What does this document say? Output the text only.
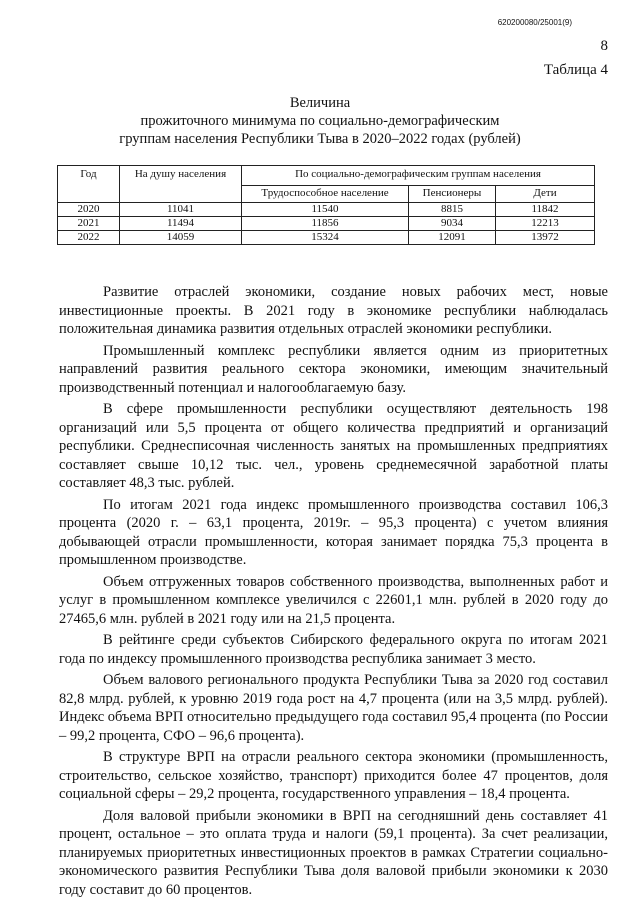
620200080/25001(9)
8
Таблица 4
Величина
прожиточного минимума по социально-демографическим
группам населения Республики Тыва в 2020–2022 годах (рублей)
Год	На душу населения	По социально-демографическим группам населения		
		Трудоспособное население	Пенсионеры	Дети
2020	11041	11540	8815	11842
2021	11494	11856	9034	12213
2022	14059	15324	12091	13972

Развитие отраслей экономики, создание новых рабочих мест, новые инвестиционные проекты. В 2021 году в экономике республики наблюдалась положительная динамика развития отдельных отраслей экономики республики.

Промышленный комплекс республики является одним из приоритетных направлений развития реального сектора экономики, имеющим значительный производственный потенциал и налогооблагаемую базу.

В сфере промышленности республики осуществляют деятельность 198 организаций или 5,5 процента от общего количества предприятий и организаций республики. Среднесписочная численность занятых на промышленных предприятиях составляет свыше 10,12 тыс. чел., уровень среднемесячной заработной платы составляет 48,3 тыс. рублей.

По итогам 2021 года индекс промышленного производства составил 106,3 процента (2020 г. – 63,1 процента, 2019г. – 95,3 процента) с учетом влияния добывающей отрасли промышленности, которая занимает порядка 75,3 процента в промышленном производстве.

Объем отгруженных товаров собственного производства, выполненных работ и услуг в промышленном комплексе увеличился с 22601,1 млн. рублей в 2020 году до 27465,6 млн. рублей в 2021 году или на 21,5 процента.

В рейтинге среди субъектов Сибирского федерального округа по итогам 2021 года по индексу промышленного производства республика занимает 3 место.

Объем валового регионального продукта Республики Тыва за 2020 год составил 82,8 млрд. рублей, к уровню 2019 года рост на 4,7 процента (или на 3,5 млрд. рублей). Индекс объема ВРП относительно предыдущего года составил 95,4 процента (по России – 99,2 процента, СФО – 96,6 процента).

В структуре ВРП на отрасли реального сектора экономики (промышленность, строительство, сельское хозяйство, транспорт) приходится более 47 процентов, доля социальной сферы – 29,2 процента, государственного управления – 18,4 процента.

Доля валовой прибыли экономики в ВРП на сегодняшний день составляет 41 процент, остальное – это оплата труда и налоги (59,1 процента). За счет реализации, планируемых приоритетных инвестиционных проектов в рамках Стратегии социально-экономического развития Республики Тыва доля валовой прибыли экономики к 2030 году составит до 60 процентов.
